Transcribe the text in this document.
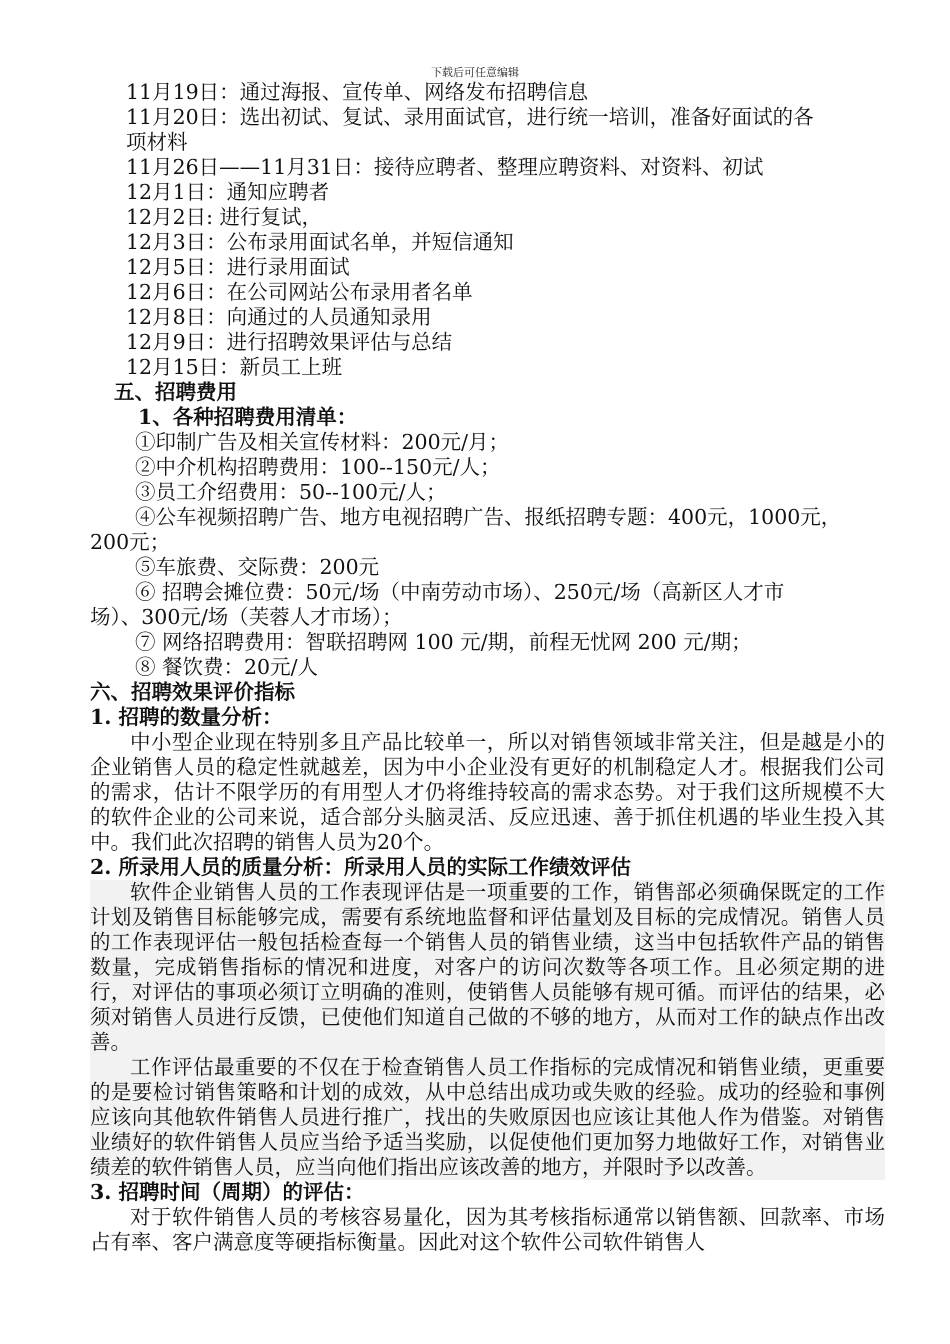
下载后可任意编辑
11月19日：通过海报、宣传单、网络发布招聘信息
11月20日：选出初试、复试、录用面试官，进行统一培训，准备好面试的各
项材料
11月26日——11月31日：接待应聘者、整理应聘资料、对资料、初试
12月1日：通知应聘者
12月2日: 进行复试，
12月3日：公布录用面试名单，并短信通知
12月5日：进行录用面试
12月6日：在公司网站公布录用者名单
12月8日：向通过的人员通知录用
12月9日：进行招聘效果评估与总结
12月15日：新员工上班
五、招聘费用
1、各种招聘费用清单：
①印制广告及相关宣传材料：200元/月；
②中介机构招聘费用：100--150元/人；
③员工介绍费用：50--100元/人；
④公车视频招聘广告、地方电视招聘广告、报纸招聘专题：400元，1000元，
200元；
⑤车旅费、交际费：200元
⑥ 招聘会摊位费：50元/场（中南劳动市场）、250元/场（高新区人才市
场）、300元/场（芙蓉人才市场）；
⑦ 网络招聘费用：智联招聘网 100 元/期，前程无忧网 200 元/期；
⑧ 餐饮费：20元/人
六、招聘效果评价指标
1. 招聘的数量分析：
中小型企业现在特别多且产品比较单一，所以对销售领域非常关注，但是越是小的企业销售人员的稳定性就越差，因为中小企业没有更好的机制稳定人才。根据我们公司的需求，估计不限学历的有用型人才仍将维持较高的需求态势。对于我们这所规模不大的软件企业的公司来说，适合部分头脑灵活、反应迅速、善于抓住机遇的毕业生投入其中。我们此次招聘的销售人员为20个。
2. 所录用人员的质量分析：所录用人员的实际工作绩效评估
软件企业销售人员的工作表现评估是一项重要的工作，销售部必须确保既定的工作计划及销售目标能够完成，需要有系统地监督和评估量划及目标的完成情况。销售人员的工作表现评估一般包括检查每一个销售人员的销售业绩，这当中包括软件产品的销售数量，完成销售指标的情况和进度，对客户的访问次数等各项工作。且必须定期的进行，对评估的事项必须订立明确的准则，使销售人员能够有规可循。而评估的结果，必须对销售人员进行反馈，已使他们知道自己做的不够的地方，从而对工作的缺点作出改善。
工作评估最重要的不仅在于检查销售人员工作指标的完成情况和销售业绩，更重要的是要检讨销售策略和计划的成效，从中总结出成功或失败的经验。成功的经验和事例应该向其他软件销售人员进行推广，找出的失败原因也应该让其他人作为借鉴。对销售业绩好的软件销售人员应当给予适当奖励，以促使他们更加努力地做好工作，对销售业绩差的软件销售人员，应当向他们指出应该改善的地方，并限时予以改善。
3. 招聘时间（周期）的评估：
对于软件销售人员的考核容易量化，因为其考核指标通常以销售额、回款率、市场占有率、客户满意度等硬指标衡量。因此对这个软件公司软件销售人
